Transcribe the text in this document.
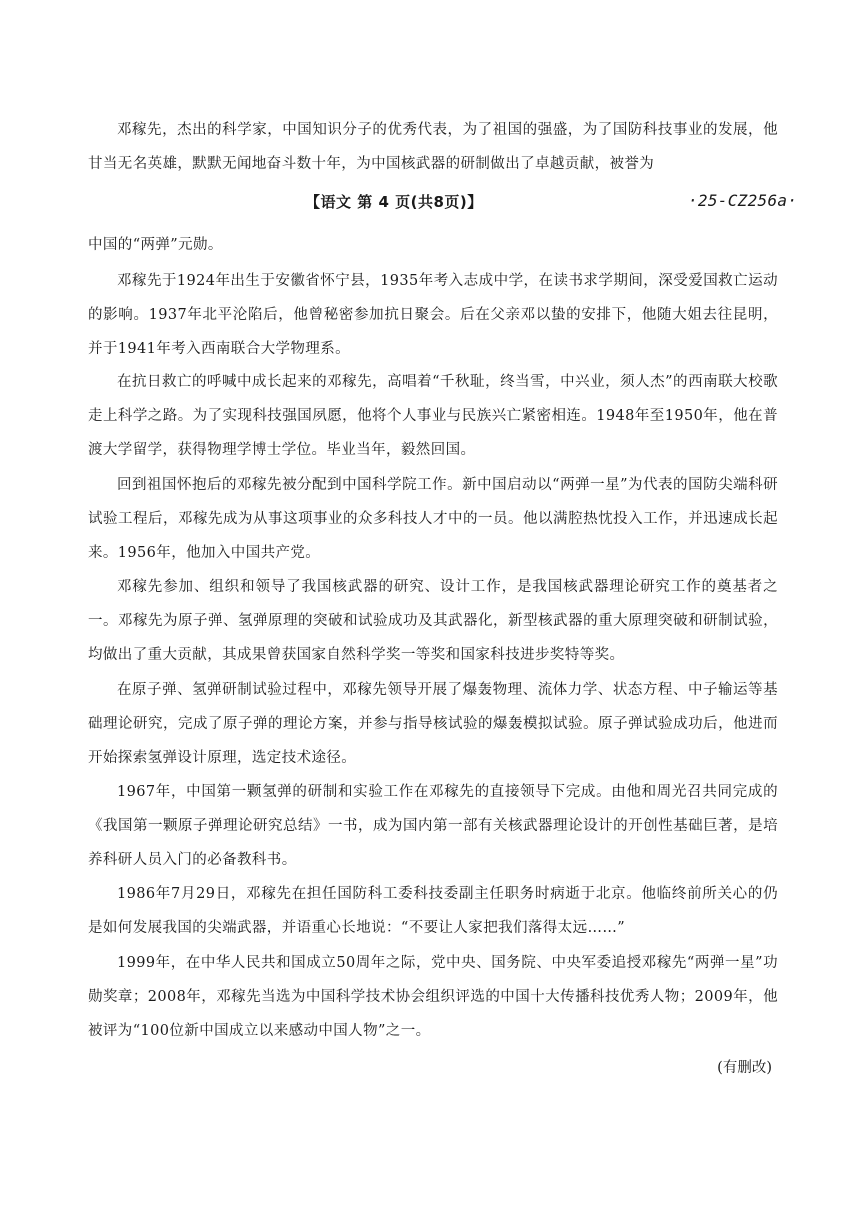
邓稼先，杰出的科学家，中国知识分子的优秀代表，为了祖国的强盛，为了国防科技事业的发展，他甘当无名英雄，默默无闻地奋斗数十年，为中国核武器的研制做出了卓越贡献，被誉为

【语文 第 4 页(共8页)】	·25-CZ256a·

中国的“两弹”元勋。

邓稼先于1924年出生于安徽省怀宁县，1935年考入志成中学，在读书求学期间，深受爱国救亡运动的影响。1937年北平沦陷后，他曾秘密参加抗日聚会。后在父亲邓以蛰的安排下，他随大姐去往昆明，并于1941年考入西南联合大学物理系。

在抗日救亡的呼喊中成长起来的邓稼先，高唱着“千秋耻，终当雪，中兴业，须人杰”的西南联大校歌走上科学之路。为了实现科技强国夙愿，他将个人事业与民族兴亡紧密相连。1948年至1950年，他在普渡大学留学，获得物理学博士学位。毕业当年，毅然回国。

回到祖国怀抱后的邓稼先被分配到中国科学院工作。新中国启动以“两弹一星”为代表的国防尖端科研试验工程后，邓稼先成为从事这项事业的众多科技人才中的一员。他以满腔热忱投入工作，并迅速成长起来。1956年，他加入中国共产党。

邓稼先参加、组织和领导了我国核武器的研究、设计工作，是我国核武器理论研究工作的奠基者之一。邓稼先为原子弹、氢弹原理的突破和试验成功及其武器化，新型核武器的重大原理突破和研制试验，均做出了重大贡献，其成果曾获国家自然科学奖一等奖和国家科技进步奖特等奖。

在原子弹、氢弹研制试验过程中，邓稼先领导开展了爆轰物理、流体力学、状态方程、中子输运等基础理论研究，完成了原子弹的理论方案，并参与指导核试验的爆轰模拟试验。原子弹试验成功后，他进而开始探索氢弹设计原理，选定技术途径。

1967年，中国第一颗氢弹的研制和实验工作在邓稼先的直接领导下完成。由他和周光召共同完成的《我国第一颗原子弹理论研究总结》一书，成为国内第一部有关核武器理论设计的开创性基础巨著，是培养科研人员入门的必备教科书。

1986年7月29日，邓稼先在担任国防科工委科技委副主任职务时病逝于北京。他临终前所关心的仍是如何发展我国的尖端武器，并语重心长地说：“不要让人家把我们落得太远……”

1999年，在中华人民共和国成立50周年之际，党中央、国务院、中央军委追授邓稼先“两弹一星”功勋奖章；2008年，邓稼先当选为中国科学技术协会组织评选的中国十大传播科技优秀人物；2009年，他被评为“100位新中国成立以来感动中国人物”之一。

(有删改)
